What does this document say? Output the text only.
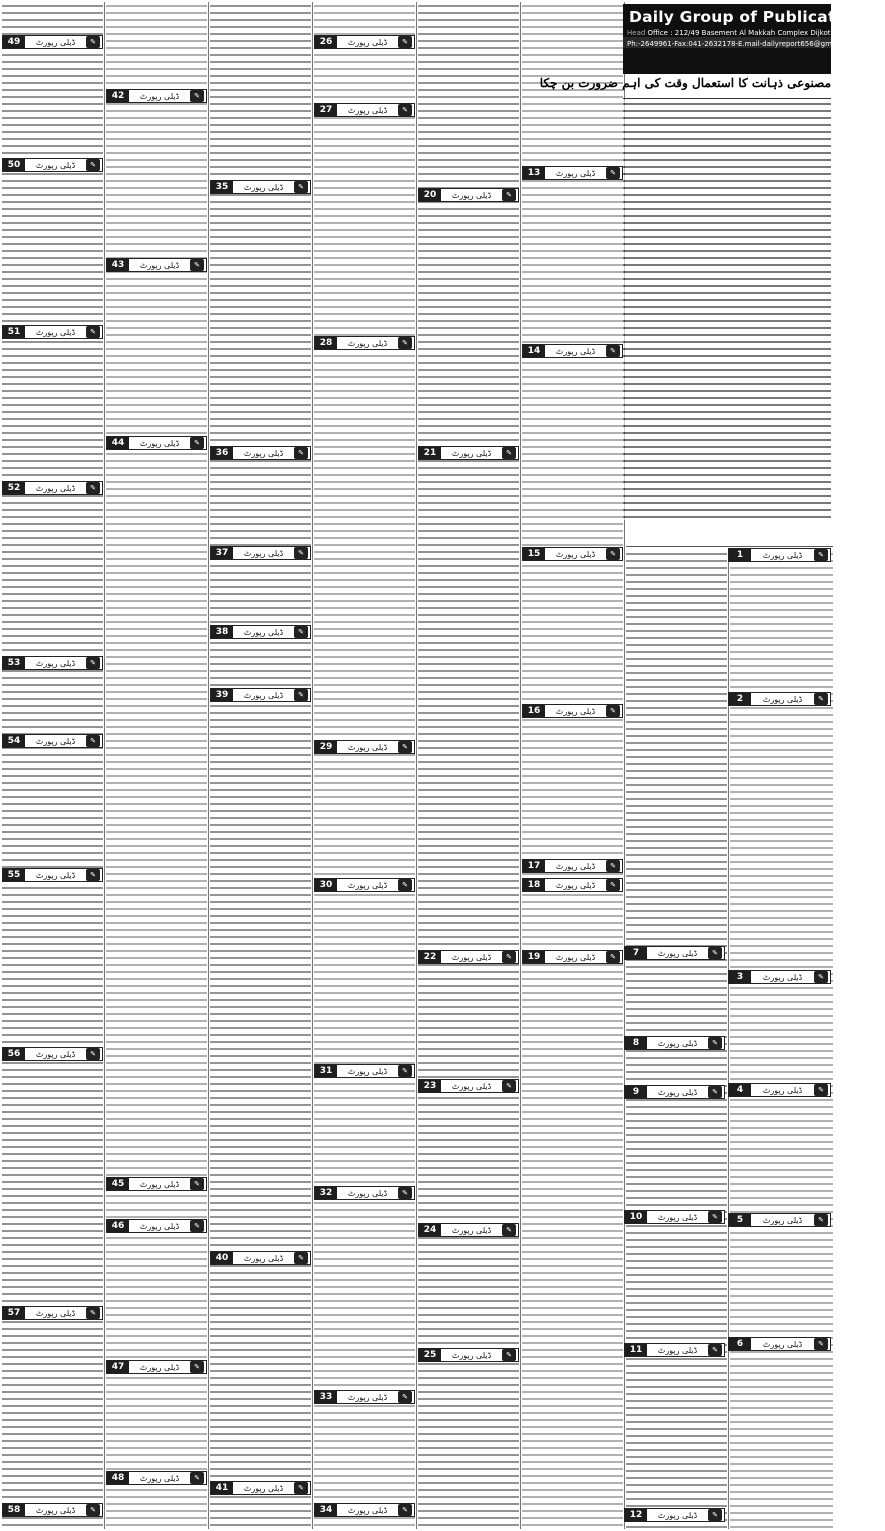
Daily Group of Publication
Head Office : 212/49 Basement Al Makkah Complex Dijkot Rod Faisalabad
Ph:-2649961-Fax:041-2632178-E.mail-dailyreport656@gmail.com
مصنوعی ذہانت کا استعمال وقت کی اہم ضرورت بن چکا
1	ڈیلی رپورٹ	✎
2	ڈیلی رپورٹ	✎
3	ڈیلی رپورٹ	✎
4	ڈیلی رپورٹ	✎
5	ڈیلی رپورٹ	✎
6	ڈیلی رپورٹ	✎
7	ڈیلی رپورٹ	✎
8	ڈیلی رپورٹ	✎
9	ڈیلی رپورٹ	✎
10	ڈیلی رپورٹ	✎
11	ڈیلی رپورٹ	✎
12	ڈیلی رپورٹ	✎
13	ڈیلی رپورٹ	✎
14	ڈیلی رپورٹ	✎
15	ڈیلی رپورٹ	✎
16	ڈیلی رپورٹ	✎
17	ڈیلی رپورٹ	✎
18	ڈیلی رپورٹ	✎
19	ڈیلی رپورٹ	✎
20	ڈیلی رپورٹ	✎
21	ڈیلی رپورٹ	✎
22	ڈیلی رپورٹ	✎
23	ڈیلی رپورٹ	✎
24	ڈیلی رپورٹ	✎
25	ڈیلی رپورٹ	✎
26	ڈیلی رپورٹ	✎
27	ڈیلی رپورٹ	✎
28	ڈیلی رپورٹ	✎
29	ڈیلی رپورٹ	✎
30	ڈیلی رپورٹ	✎
31	ڈیلی رپورٹ	✎
32	ڈیلی رپورٹ	✎
33	ڈیلی رپورٹ	✎
34	ڈیلی رپورٹ	✎
35	ڈیلی رپورٹ	✎
36	ڈیلی رپورٹ	✎
37	ڈیلی رپورٹ	✎
38	ڈیلی رپورٹ	✎
39	ڈیلی رپورٹ	✎
40	ڈیلی رپورٹ	✎
41	ڈیلی رپورٹ	✎
42	ڈیلی رپورٹ	✎
43	ڈیلی رپورٹ	✎
44	ڈیلی رپورٹ	✎
45	ڈیلی رپورٹ	✎
46	ڈیلی رپورٹ	✎
47	ڈیلی رپورٹ	✎
48	ڈیلی رپورٹ	✎
49	ڈیلی رپورٹ	✎
50	ڈیلی رپورٹ	✎
51	ڈیلی رپورٹ	✎
52	ڈیلی رپورٹ	✎
53	ڈیلی رپورٹ	✎
54	ڈیلی رپورٹ	✎
55	ڈیلی رپورٹ	✎
56	ڈیلی رپورٹ	✎
57	ڈیلی رپورٹ	✎
58	ڈیلی رپورٹ	✎
